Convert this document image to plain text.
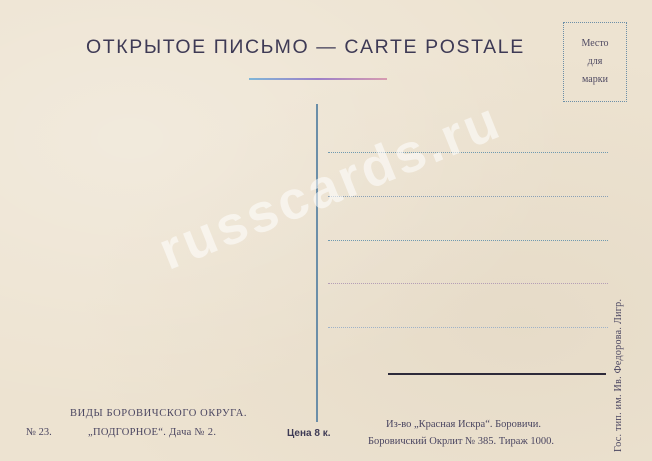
ОТКРЫТОЕ ПИСЬМО — CARTE POSTALE	Место
для
марки
russcards.ru
ВИДЫ БОРОВИЧСКОГО ОКРУГА.
№ 23.	„ПОДГОРНОЕ“. Дача № 2.	Цена 8 к.
Из-во „Красная Искра“. Боровичи.
Боровичский Окрлит № 385. Тираж 1000.	Гос. тип. им. Ив. Федорова. Лигр.
